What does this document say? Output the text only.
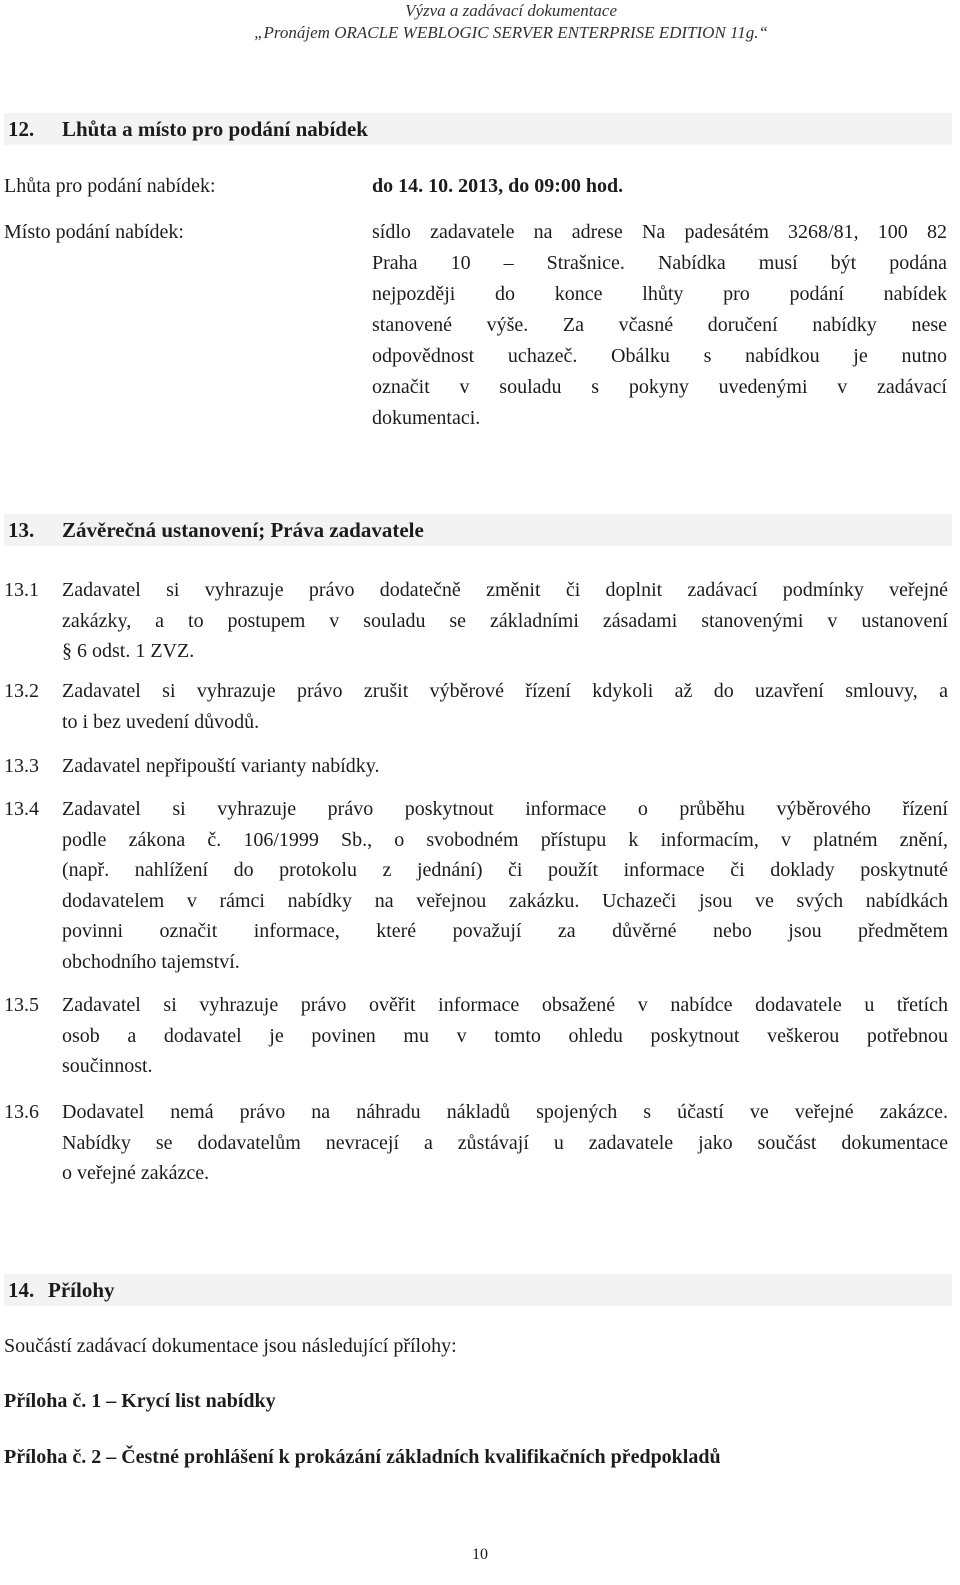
Výzva a zadávací dokumentace
„Pronájem ORACLE WEBLOGIC SERVER ENTERPRISE EDITION 11g.“
12. Lhůta a místo pro podání nabídek
Lhůta pro podání nabídek:	do 14. 10. 2013, do 09:00 hod.
Místo podání nabídek:	sídlo zadavatele na adrese Na padesátém 3268/81, 100 82
Praha 10 – Strašnice. Nabídka musí být podána
nejpozději do konce lhůty pro podání nabídek
stanovené výše. Za včasné doručení nabídky nese
odpovědnost uchazeč. Obálku s nabídkou je nutno
označit v souladu s pokyny uvedenými v zadávací
dokumentaci.
13. Závěrečná ustanovení; Práva zadavatele
13.1 Zadavatel si vyhrazuje právo dodatečně změnit či doplnit zadávací podmínky veřejné
zakázky, a to postupem v souladu se základními zásadami stanovenými v ustanovení
§ 6 odst. 1 ZVZ.
13.2 Zadavatel si vyhrazuje právo zrušit výběrové řízení kdykoli až do uzavření smlouvy, a
to i bez uvedení důvodů.
13.3 Zadavatel nepřipouští varianty nabídky.
13.4 Zadavatel si vyhrazuje právo poskytnout informace o průběhu výběrového řízení
podle zákona č. 106/1999 Sb., o svobodném přístupu k informacím, v platném znění,
(např. nahlížení do protokolu z jednání) či použít informace či doklady poskytnuté
dodavatelem v rámci nabídky na veřejnou zakázku. Uchazeči jsou ve svých nabídkách
povinni označit informace, které považují za důvěrné nebo jsou předmětem
obchodního tajemství.
13.5 Zadavatel si vyhrazuje právo ověřit informace obsažené v nabídce dodavatele u třetích
osob a dodavatel je povinen mu v tomto ohledu poskytnout veškerou potřebnou
součinnost.
13.6 Dodavatel nemá právo na náhradu nákladů spojených s účastí ve veřejné zakázce.
Nabídky se dodavatelům nevracejí a zůstávají u zadavatele jako součást dokumentace
o veřejné zakázce.
14. Přílohy
Součástí zadávací dokumentace jsou následující přílohy:
Příloha č. 1 – Krycí list nabídky
Příloha č. 2 – Čestné prohlášení k prokázání základních kvalifikačních předpokladů
10
